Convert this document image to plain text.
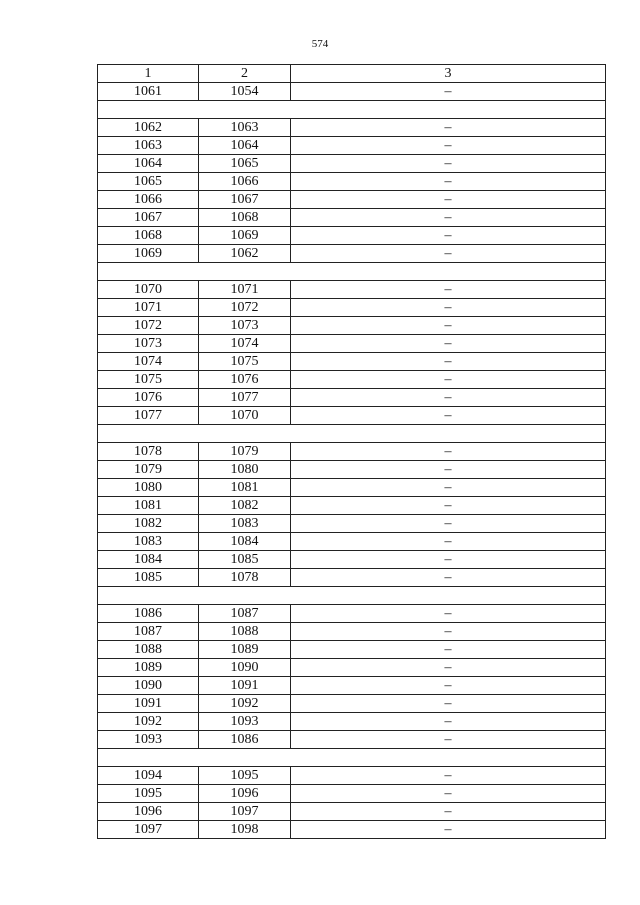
574
1	2	3
1061	1054	–

1062	1063	–
1063	1064	–
1064	1065	–
1065	1066	–
1066	1067	–
1067	1068	–
1068	1069	–
1069	1062	–

1070	1071	–
1071	1072	–
1072	1073	–
1073	1074	–
1074	1075	–
1075	1076	–
1076	1077	–
1077	1070	–

1078	1079	–
1079	1080	–
1080	1081	–
1081	1082	–
1082	1083	–
1083	1084	–
1084	1085	–
1085	1078	–

1086	1087	–
1087	1088	–
1088	1089	–
1089	1090	–
1090	1091	–
1091	1092	–
1092	1093	–
1093	1086	–

1094	1095	–
1095	1096	–
1096	1097	–
1097	1098	–
